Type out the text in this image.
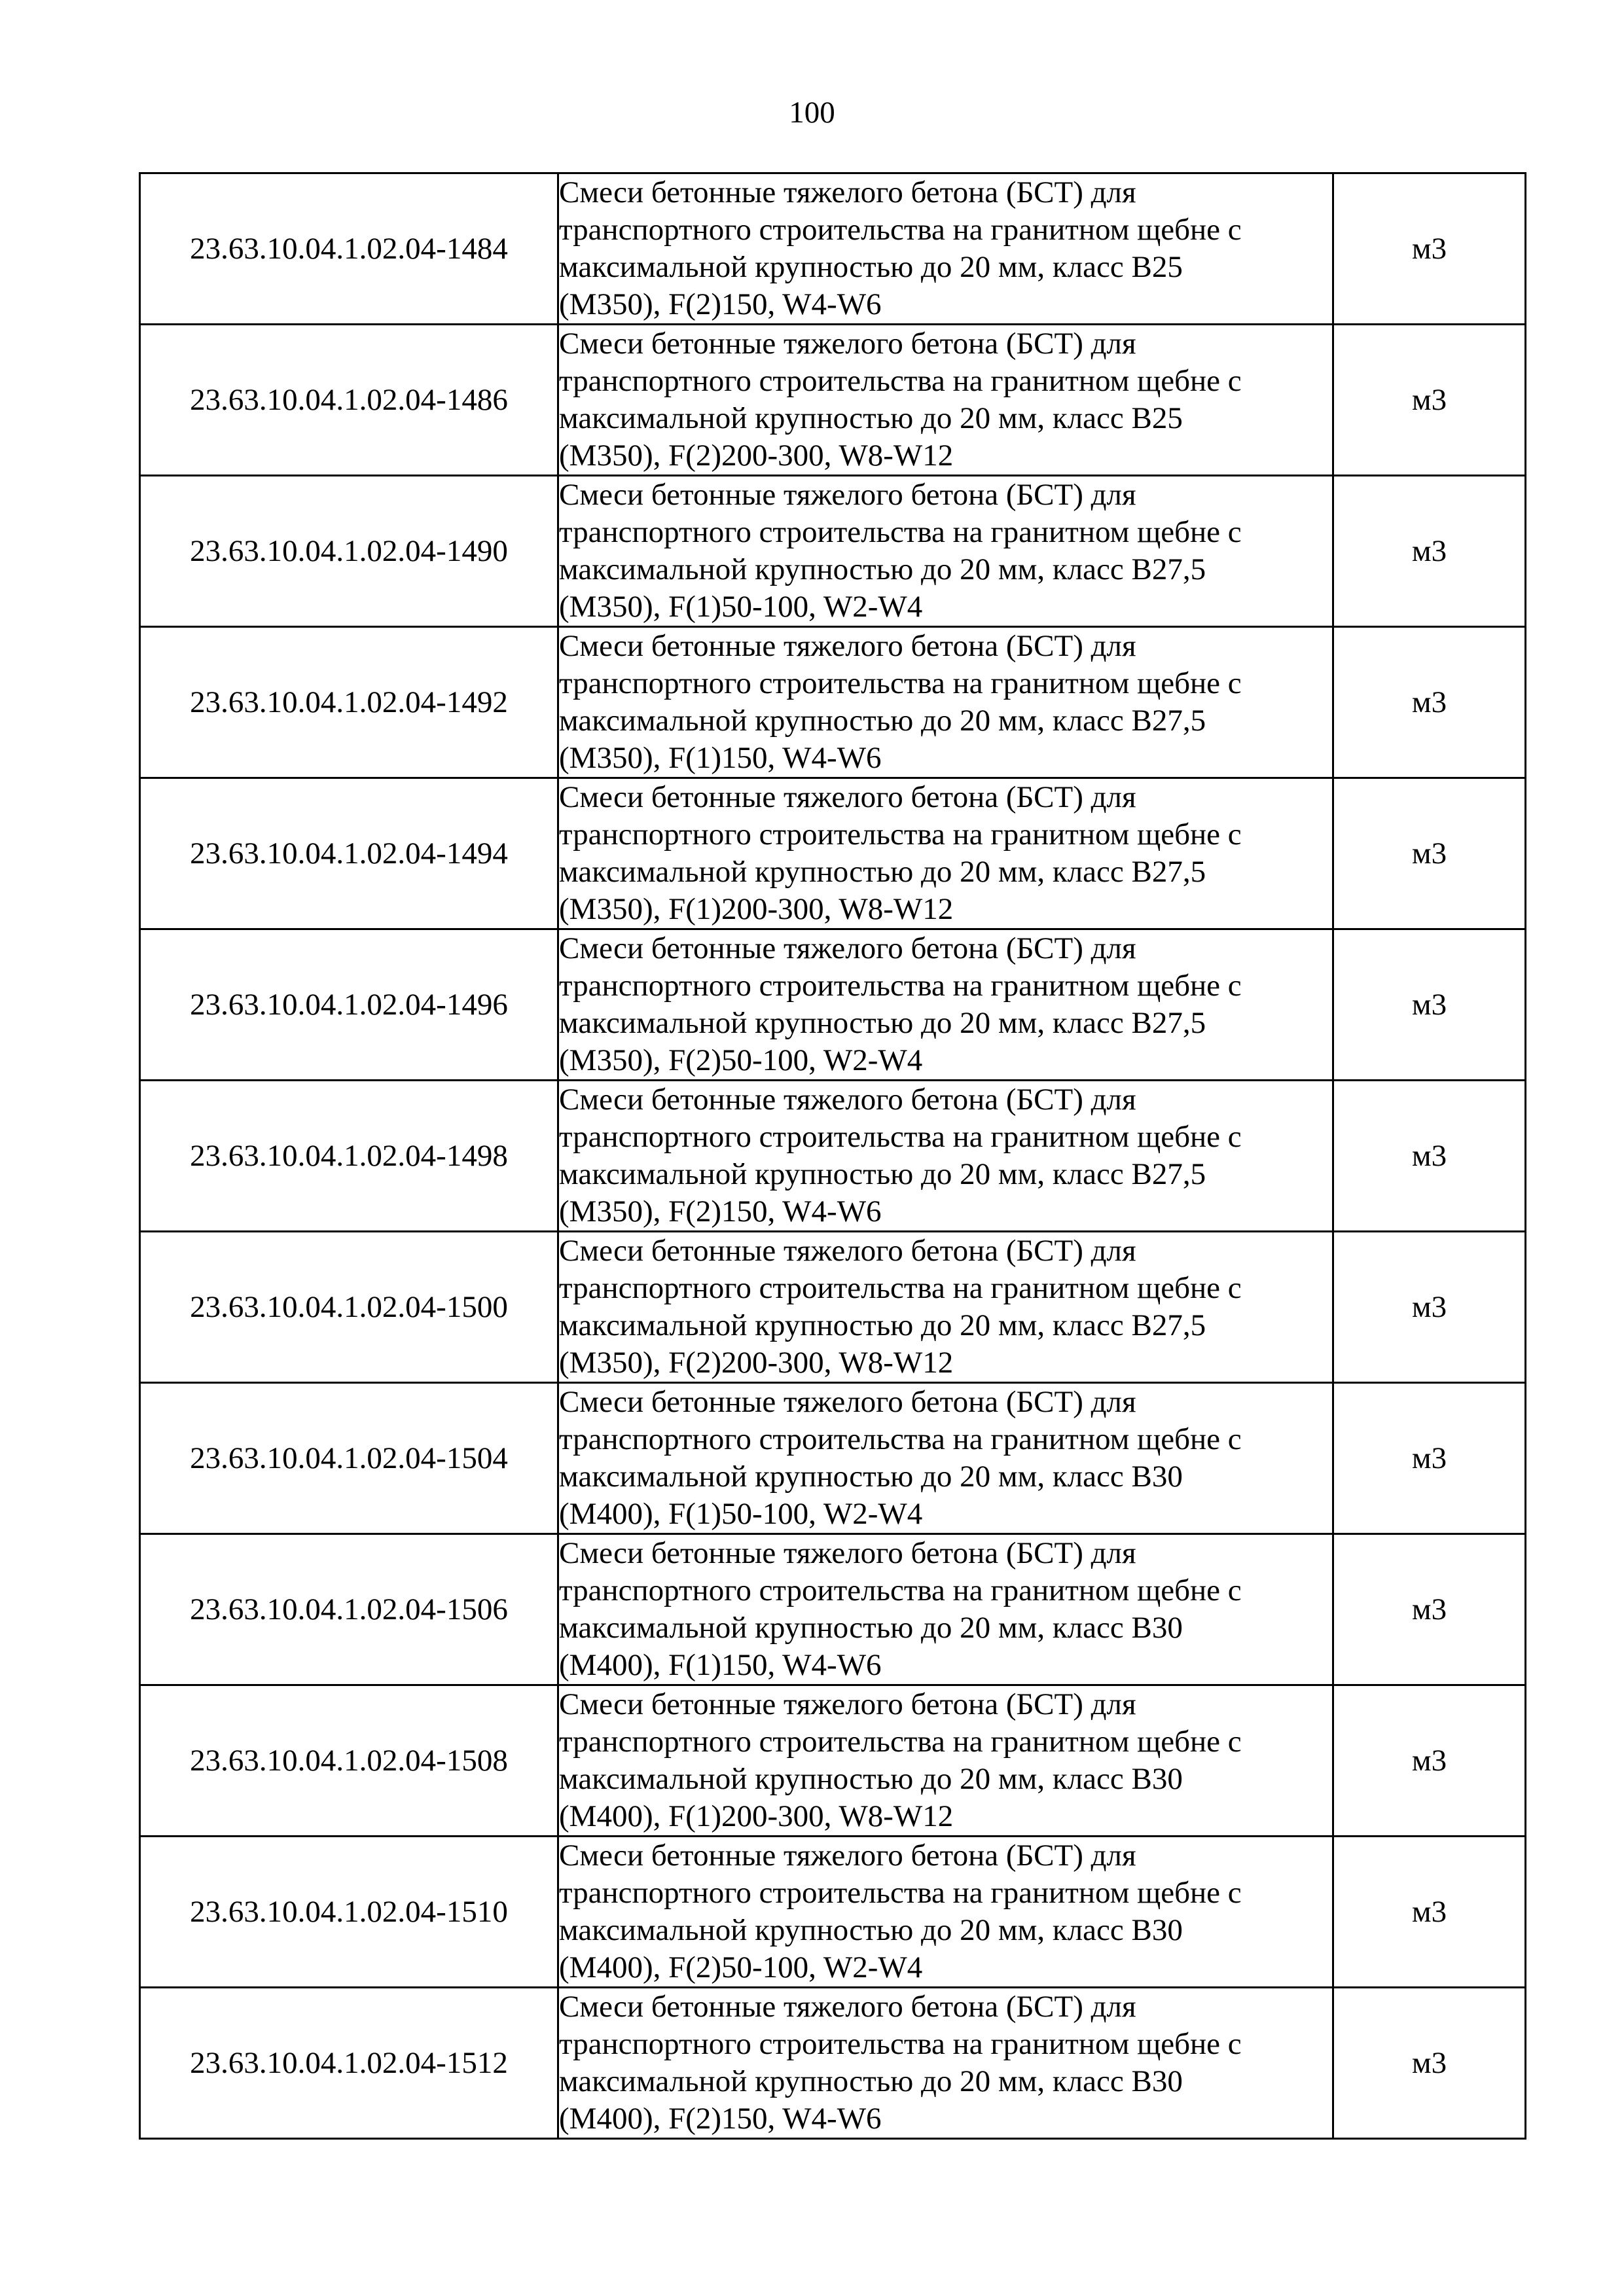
100
23.63.10.04.1.02.04-1484	Смеси бетонные тяжелого бетона (БСТ) для
транспортного строительства на гранитном щебне с
максимальной крупностью до 20 мм, класс В25
(М350), F(2)150, W4-W6	м3
23.63.10.04.1.02.04-1486	Смеси бетонные тяжелого бетона (БСТ) для
транспортного строительства на гранитном щебне с
максимальной крупностью до 20 мм, класс В25
(М350), F(2)200-300, W8-W12	м3
23.63.10.04.1.02.04-1490	Смеси бетонные тяжелого бетона (БСТ) для
транспортного строительства на гранитном щебне с
максимальной крупностью до 20 мм, класс В27,5
(М350), F(1)50-100, W2-W4	м3
23.63.10.04.1.02.04-1492	Смеси бетонные тяжелого бетона (БСТ) для
транспортного строительства на гранитном щебне с
максимальной крупностью до 20 мм, класс В27,5
(М350), F(1)150, W4-W6	м3
23.63.10.04.1.02.04-1494	Смеси бетонные тяжелого бетона (БСТ) для
транспортного строительства на гранитном щебне с
максимальной крупностью до 20 мм, класс В27,5
(М350), F(1)200-300, W8-W12	м3
23.63.10.04.1.02.04-1496	Смеси бетонные тяжелого бетона (БСТ) для
транспортного строительства на гранитном щебне с
максимальной крупностью до 20 мм, класс В27,5
(М350), F(2)50-100, W2-W4	м3
23.63.10.04.1.02.04-1498	Смеси бетонные тяжелого бетона (БСТ) для
транспортного строительства на гранитном щебне с
максимальной крупностью до 20 мм, класс В27,5
(М350), F(2)150, W4-W6	м3
23.63.10.04.1.02.04-1500	Смеси бетонные тяжелого бетона (БСТ) для
транспортного строительства на гранитном щебне с
максимальной крупностью до 20 мм, класс В27,5
(М350), F(2)200-300, W8-W12	м3
23.63.10.04.1.02.04-1504	Смеси бетонные тяжелого бетона (БСТ) для
транспортного строительства на гранитном щебне с
максимальной крупностью до 20 мм, класс В30
(М400), F(1)50-100, W2-W4	м3
23.63.10.04.1.02.04-1506	Смеси бетонные тяжелого бетона (БСТ) для
транспортного строительства на гранитном щебне с
максимальной крупностью до 20 мм, класс В30
(М400), F(1)150, W4-W6	м3
23.63.10.04.1.02.04-1508	Смеси бетонные тяжелого бетона (БСТ) для
транспортного строительства на гранитном щебне с
максимальной крупностью до 20 мм, класс В30
(М400), F(1)200-300, W8-W12	м3
23.63.10.04.1.02.04-1510	Смеси бетонные тяжелого бетона (БСТ) для
транспортного строительства на гранитном щебне с
максимальной крупностью до 20 мм, класс В30
(М400), F(2)50-100, W2-W4	м3
23.63.10.04.1.02.04-1512	Смеси бетонные тяжелого бетона (БСТ) для
транспортного строительства на гранитном щебне с
максимальной крупностью до 20 мм, класс В30
(М400), F(2)150, W4-W6	м3
